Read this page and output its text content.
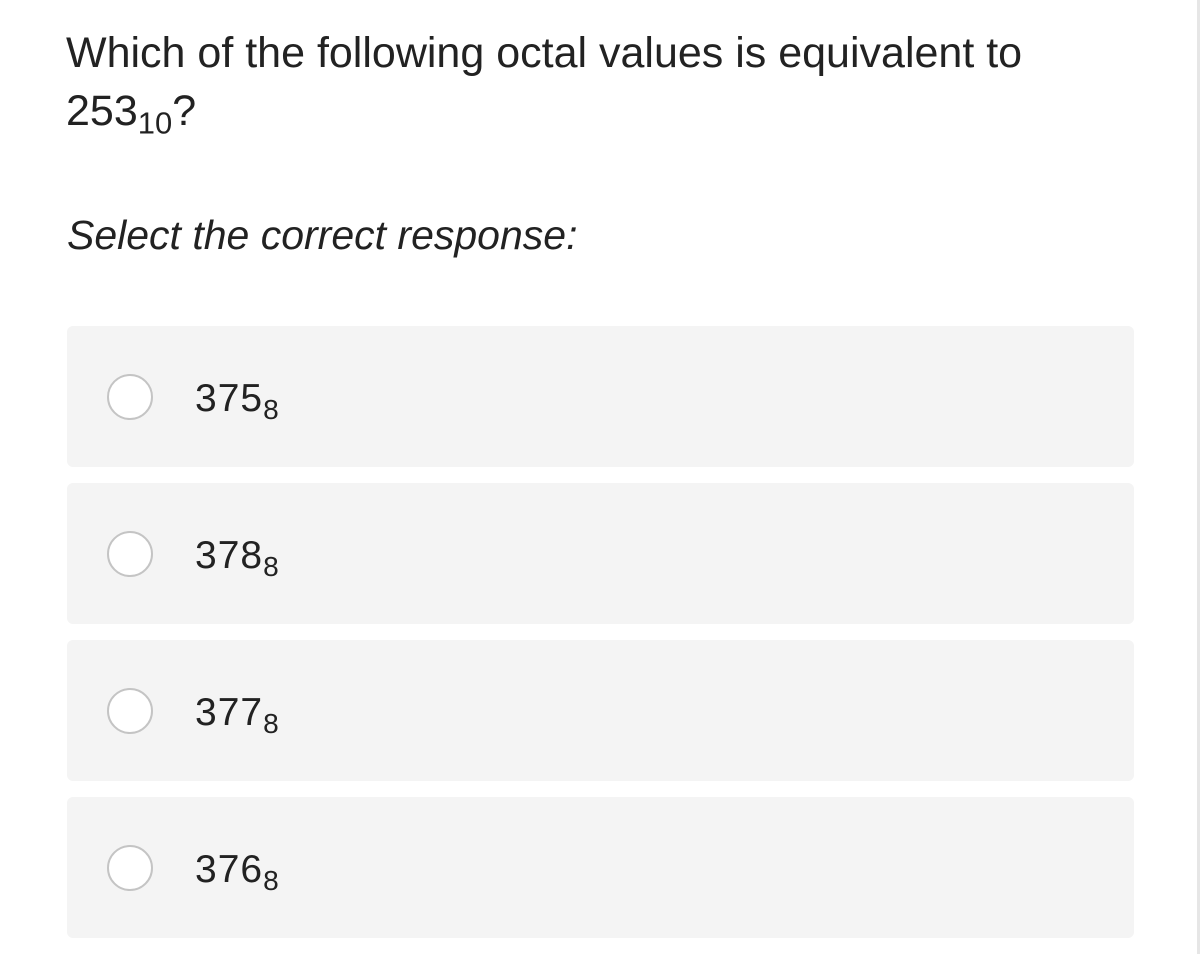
Which of the following octal values is equivalent to $253_{10}$?
Select the correct response:
$375_8$
$378_8$
$377_8$
$376_8$
